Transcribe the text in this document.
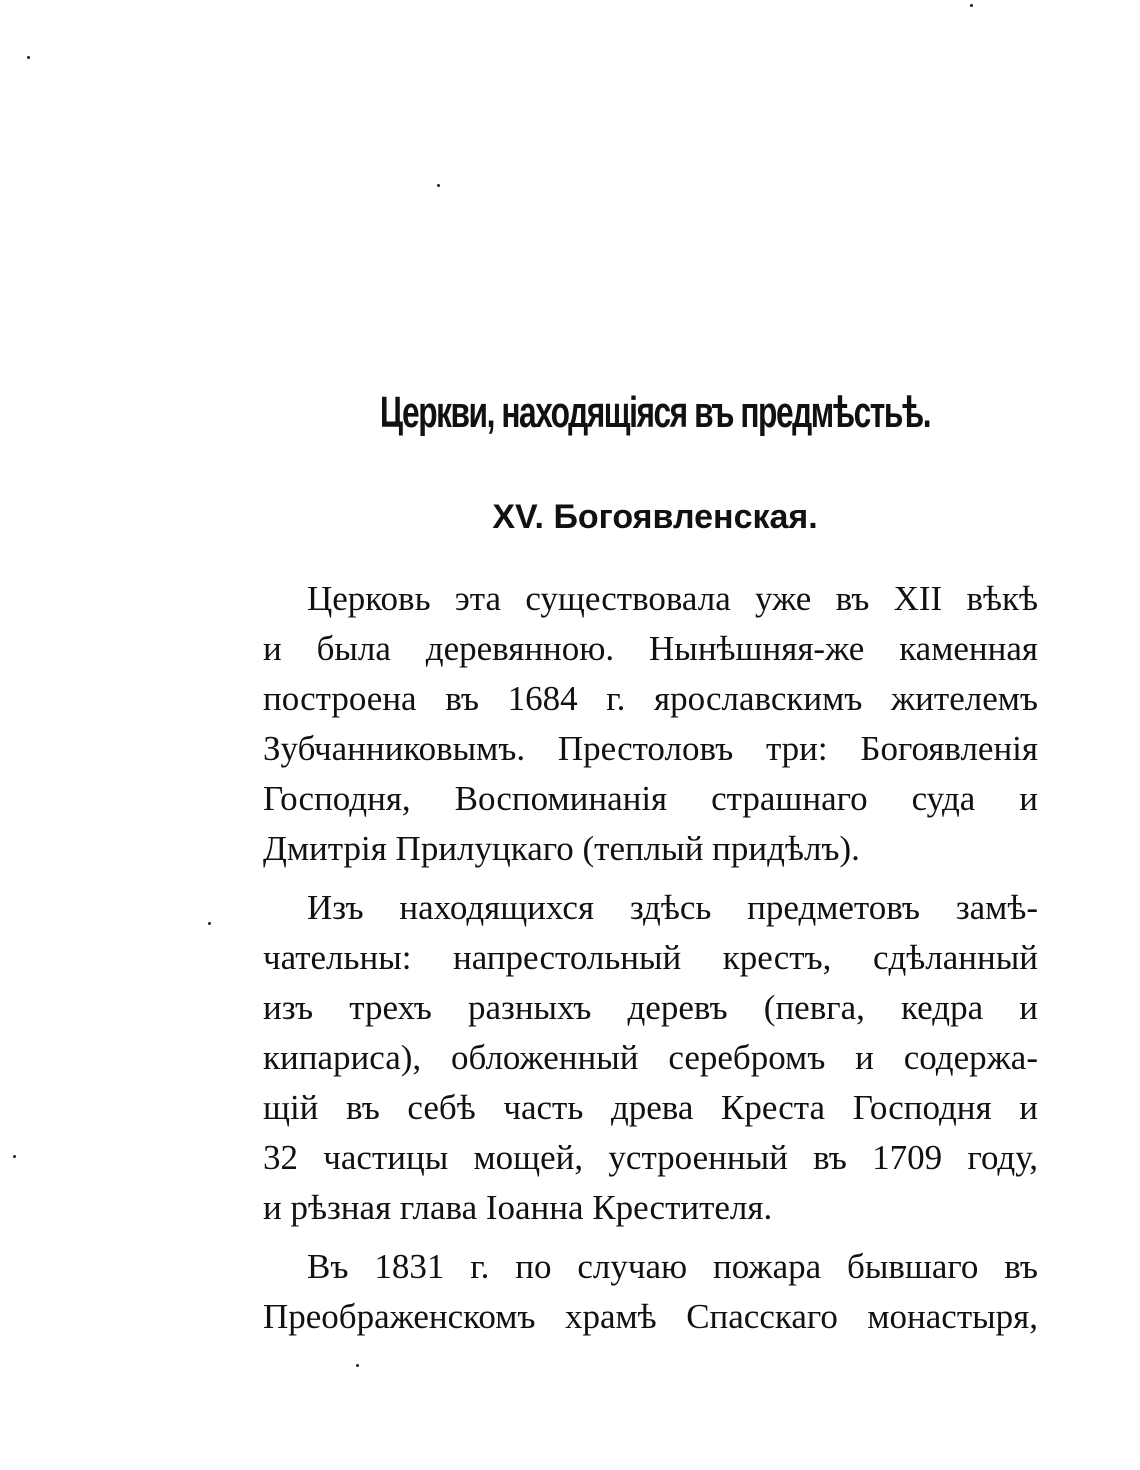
Церкви, находящіяся въ предмѣстьѣ.
XV. Богоявленская.
Церковь эта существовала уже въ XII вѣкѣ
и была деревянною. Нынѣшняя-же каменная
построена въ 1684 г. ярославскимъ жителемъ
Зубчанниковымъ. Престоловъ три: Богоявленія
Господня, Воспоминанія страшнаго суда и
Дмитрія Прилуцкаго (теплый придѣлъ).
Изъ находящихся здѣсь предметовъ замѣ-
чательны: напрестольный крестъ, сдѣланный
изъ трехъ разныхъ деревъ (певга, кедра и
кипариса), обложенный серебромъ и содержа-
щій въ себѣ часть древа Креста Господня и
32 частицы мощей, устроенный въ 1709 году,
и рѣзная глава Іоанна Крестителя.
Въ 1831 г. по случаю пожара бывшаго въ
Преображенскомъ храмѣ Спасскаго монастыря,
